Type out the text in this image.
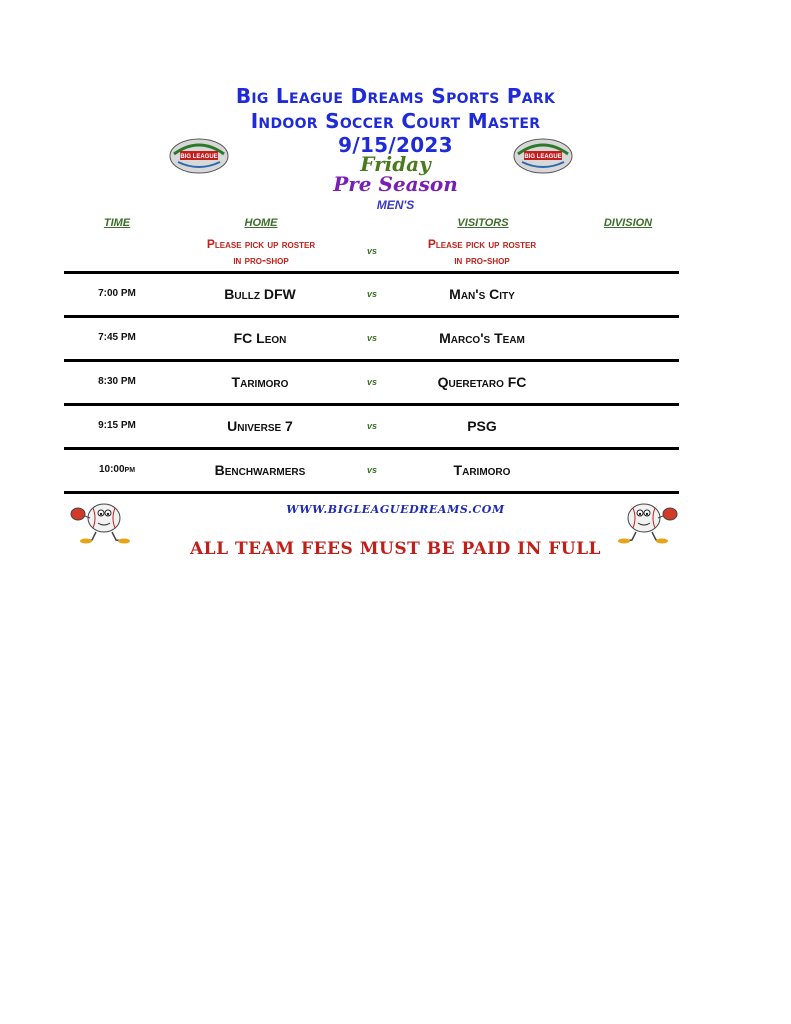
Big League Dreams Sports Park
Indoor Soccer Court Master
9/15/2023
Friday
Pre Season
MEN'S
BIG LEAGUE	BIG LEAGUE
TIME	HOME	VISITORS	DIVISION
Please pick up roster
in pro-shop
vs	Please pick up roster
in pro-shop
7:00 PM	Bullz DFW	vs	Man's City
7:45 PM	FC Leon	vs	Marco's Team
8:30 PM	Tarimoro	vs	Queretaro FC
9:15 PM	Universe 7	vs	PSG
10:00pm	Benchwarmers	vs	Tarimoro
WWW.BIGLEAGUEDREAMS.COM
ALL TEAM FEES MUST BE PAID IN FULL
